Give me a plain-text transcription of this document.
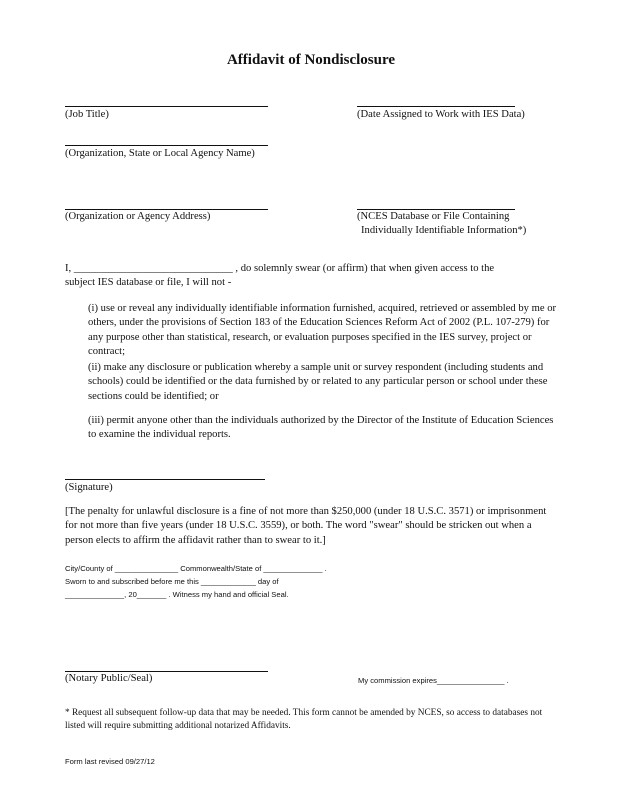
Affidavit of Nondisclosure
(Job Title)	(Date Assigned to Work with IES Data)
(Organization, State or Local Agency Name)
(Organization or Agency Address)	(NCES Database or File Containing
Individually Identifiable Information*)
I, ______________________________ , do solemnly swear (or affirm) that when given access to the
subject IES database or file, I will not -
(i) use or reveal any individually identifiable information furnished, acquired, retrieved or assembled by me or others, under the provisions of Section 183 of the Education Sciences Reform Act of 2002 (P.L. 107-279) for any purpose other than statistical, research, or evaluation purposes specified in the IES survey, project or contract;
(ii) make any disclosure or publication whereby a sample unit or survey respondent (including students and schools) could be identified or the data furnished by or related to any particular person or school under these sections could be identified; or
(iii) permit anyone other than the individuals authorized by the Director of the Institute of Education Sciences to examine the individual reports.
(Signature)
[The penalty for unlawful disclosure is a fine of not more than $250,000 (under 18 U.S.C. 3571) or imprisonment for not more than five years (under 18 U.S.C. 3559), or both. The word "swear" should be stricken out when a person elects to affirm the affidavit rather than to swear to it.]
City/County of _______________ Commonwealth/State of ______________ .
Sworn to and subscribed before me this _____________ day of
______________, 20_______ . Witness my hand and official Seal.
(Notary Public/Seal)	My commission expires________________ .
* Request all subsequent follow-up data that may be needed. This form cannot be amended by NCES, so access to databases not listed will require submitting additional notarized Affidavits.
Form last revised 09/27/12
